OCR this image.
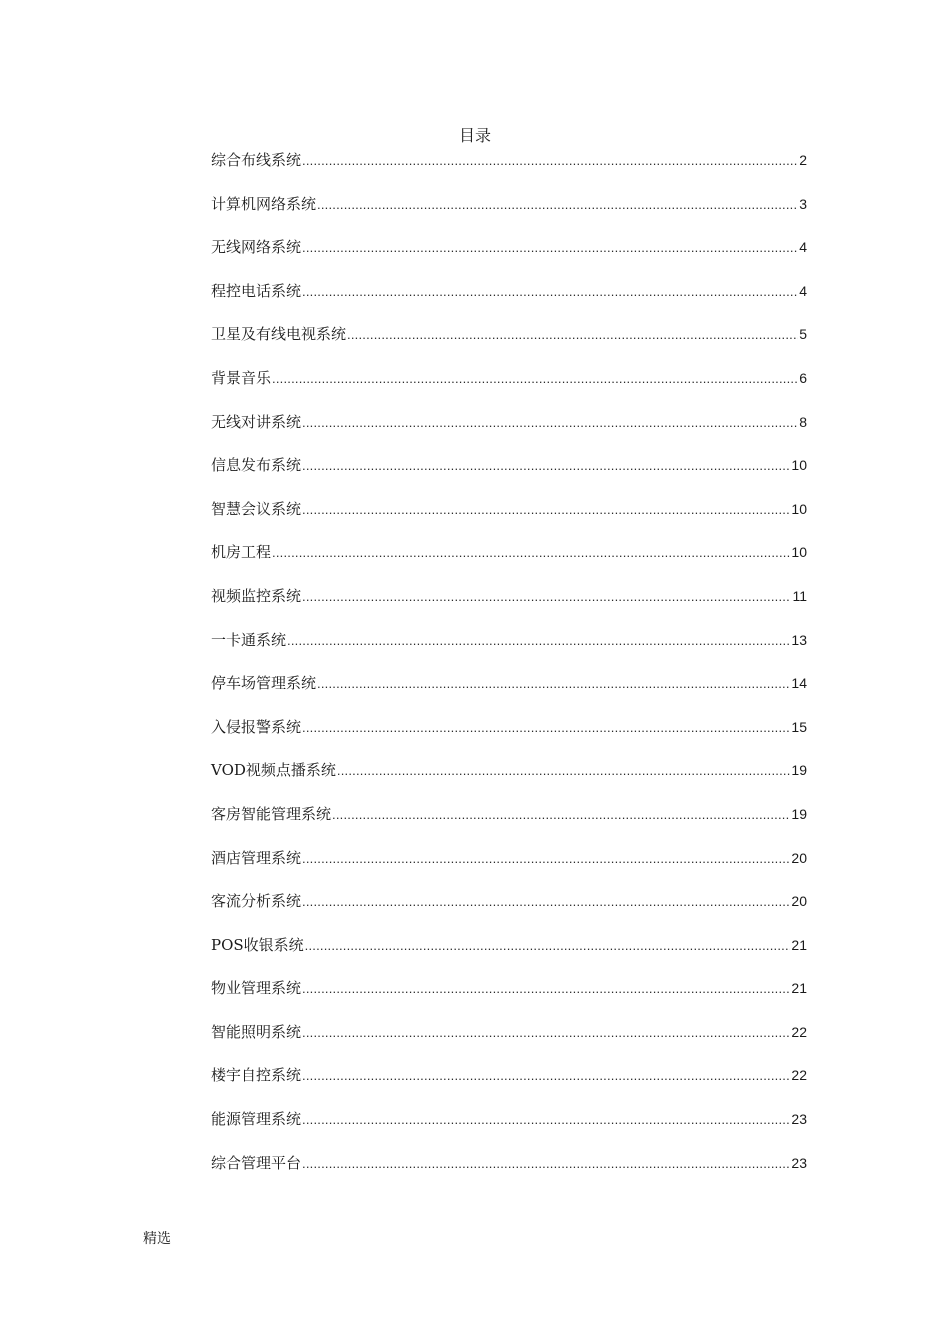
目录
综合布线系统 .....	2
计算机网络系统 .....	3
无线网络系统 .....	4
程控电话系统 .....	4
卫星及有线电视系统 .....	5
背景音乐 .....	6
无线对讲系统 .....	8
信息发布系统 .....	10
智慧会议系统 .....	10
机房工程 .....	10
视频监控系统 .....	11
一卡通系统 .....	13
停车场管理系统 .....	14
入侵报警系统 .....	15
VOD视频点播系统 .....	19
客房智能管理系统 .....	19
酒店管理系统 .....	20
客流分析系统 .....	20
POS收银系统 .....	21
物业管理系统 .....	21
智能照明系统 .....	22
楼宇自控系统 .....	22
能源管理系统 .....	23
综合管理平台 .....	23
精选
